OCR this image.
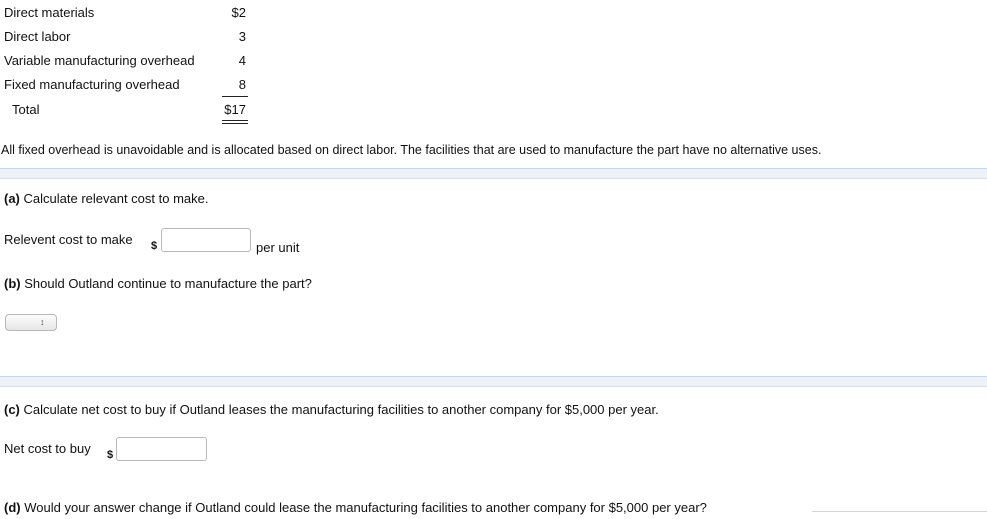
Direct materials	$2
Direct labor	3
Variable manufacturing overhead	4
Fixed manufacturing overhead	8
Total	$17
All fixed overhead is unavoidable and is allocated based on direct labor. The facilities that are used to manufacture the part have no alternative uses.
(a) Calculate relevant cost to make.
Relevent cost to make $	per unit
(b) Should Outland continue to manufacture the part?
↕
(c) Calculate net cost to buy if Outland leases the manufacturing facilities to another company for $5,000 per year.
Net cost to buy $
(d) Would your answer change if Outland could lease the manufacturing facilities to another company for $5,000 per year?
